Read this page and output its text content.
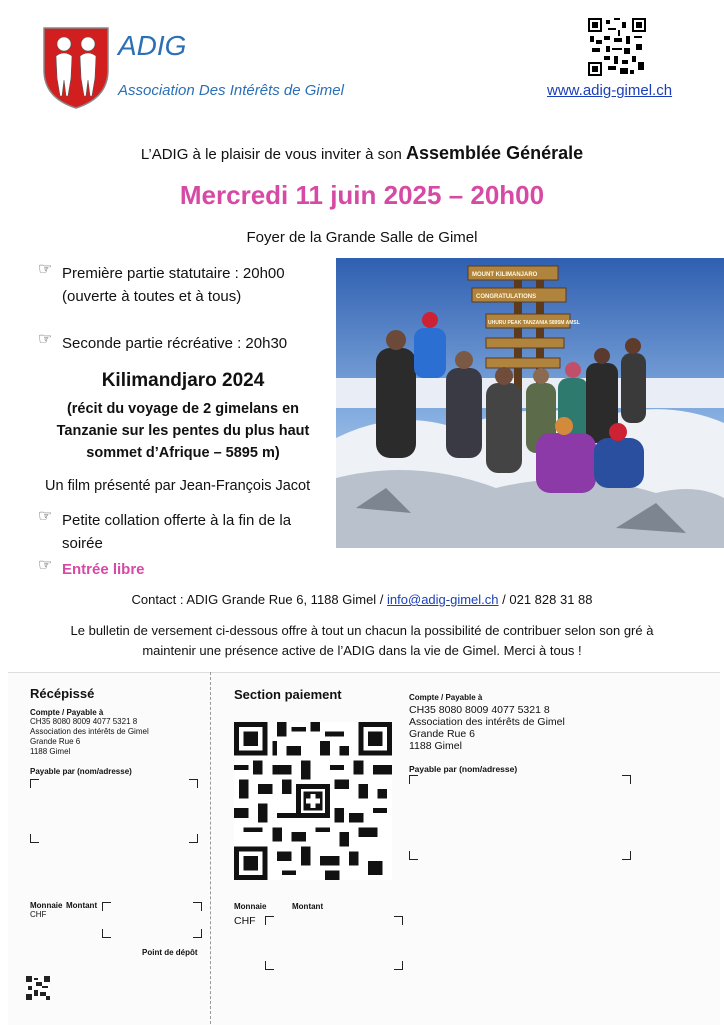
ADIG
Association Des Intérêts de Gimel	www.adig-gimel.ch
L’ADIG à le plaisir de vous inviter à son Assemblée Générale
Mercredi 11 juin 2025 – 20h00
Foyer de la Grande Salle de Gimel
☞ Première partie statutaire : 20h00
(ouverte à toutes et à tous)
☞ Seconde partie récréative : 20h30
Kilimandjaro 2024
(récit du voyage de 2 gimelans en
Tanzanie sur les pentes du plus haut
sommet d’Afrique – 5895 m)
Un film présenté par Jean-François Jacot
☞ Petite collation offerte à la fin de la
soirée
☞ Entrée libre
MOUNT KILIMANJARO
CONGRATULATIONS
UHURU PEAK TANZANIA 5895M AMSL
Contact : ADIG Grande Rue 6, 1188 Gimel / info@adig-gimel.ch / 021 828 31 88
Le bulletin de versement ci-dessous offre à tout un chacun la possibilité de contribuer selon son gré à
maintenir une présence active de l’ADIG dans la vie de Gimel. Merci à tous !
Récépissé
Compte / Payable à
CH35 8080 8009 4077 5321 8
Association des intérêts de Gimel
Grande Rue 6
1188 Gimel
Payable par (nom/adresse)
Monnaie Montant
CHF
Point de dépôt
Section paiement
Monnaie	Montant
CHF
Compte / Payable à
CH35 8080 8009 4077 5321 8
Association des intérêts de Gimel
Grande Rue 6
1188 Gimel
Payable par (nom/adresse)
